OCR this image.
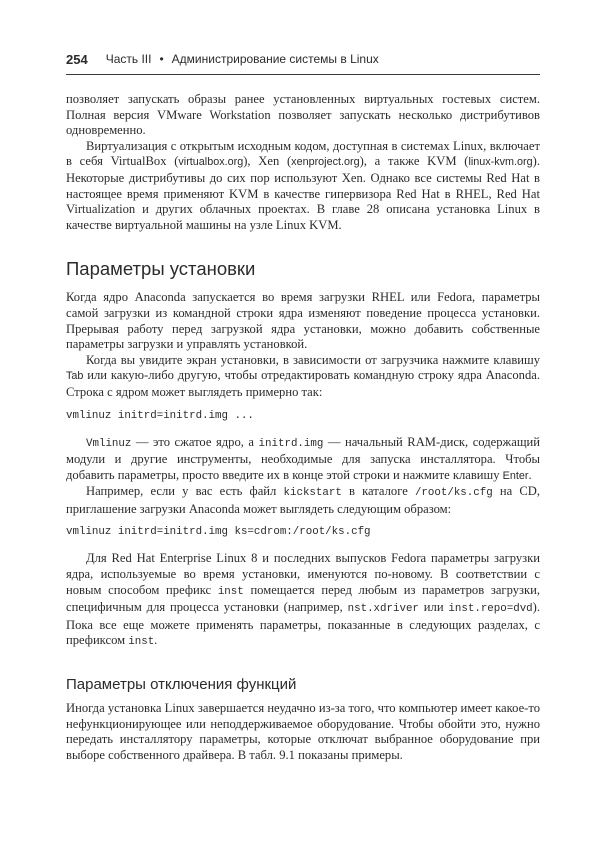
254 Часть III • Администрирование системы в Linux

позволяет запускать образы ранее установленных виртуальных гостевых систем. Полная версия VMware Workstation позволяет запускать несколько дистрибутивов одновременно.

Виртуализация с открытым исходным кодом, доступная в системах Linux, включает в себя VirtualBox (virtualbox.org), Xen (xenproject.org), а также KVM (linux-kvm.org). Некоторые дистрибутивы до сих пор используют Xen. Однако все системы Red Hat в настоящее время применяют KVM в качестве гипервизора Red Hat в RHEL, Red Hat Virtualization и других облачных проектах. В главе 28 описана установка Linux в качестве виртуальной машины на узле Linux KVM.

Параметры установки

Когда ядро Anaconda запускается во время загрузки RHEL или Fedora, параметры самой загрузки из командной строки ядра изменяют поведение процесса установки. Прерывая работу перед загрузкой ядра установки, можно добавить собственные параметры загрузки и управлять установкой.

Когда вы увидите экран установки, в зависимости от загрузчика нажмите клавишу Tab или какую-либо другую, чтобы отредактировать командную строку ядра Anaconda. Строка с ядром может выглядеть примерно так:

vmlinuz initrd=initrd.img ...

Vmlinuz — это сжатое ядро, а initrd.img — начальный RAM-диск, содержащий модули и другие инструменты, необходимые для запуска инсталлятора. Чтобы добавить параметры, просто введите их в конце этой строки и нажмите клавишу Enter.

Например, если у вас есть файл kickstart в каталоге /root/ks.cfg на CD, приглашение загрузки Anaconda может выглядеть следующим образом:

vmlinuz initrd=initrd.img ks=cdrom:/root/ks.cfg

Для Red Hat Enterprise Linux 8 и последних выпусков Fedora параметры загрузки ядра, используемые во время установки, именуются по-новому. В соответствии с новым способом префикс inst помещается перед любым из параметров загрузки, специфичным для процесса установки (например, nst.xdriver или inst.repo=dvd). Пока все еще можете применять параметры, показанные в следующих разделах, с префиксом inst.

Параметры отключения функций

Иногда установка Linux завершается неудачно из-за того, что компьютер имеет какое-то нефункционирующее или неподдерживаемое оборудование. Чтобы обойти это, нужно передать инсталлятору параметры, которые отключат выбранное оборудование при выборе собственного драйвера. В табл. 9.1 показаны примеры.
